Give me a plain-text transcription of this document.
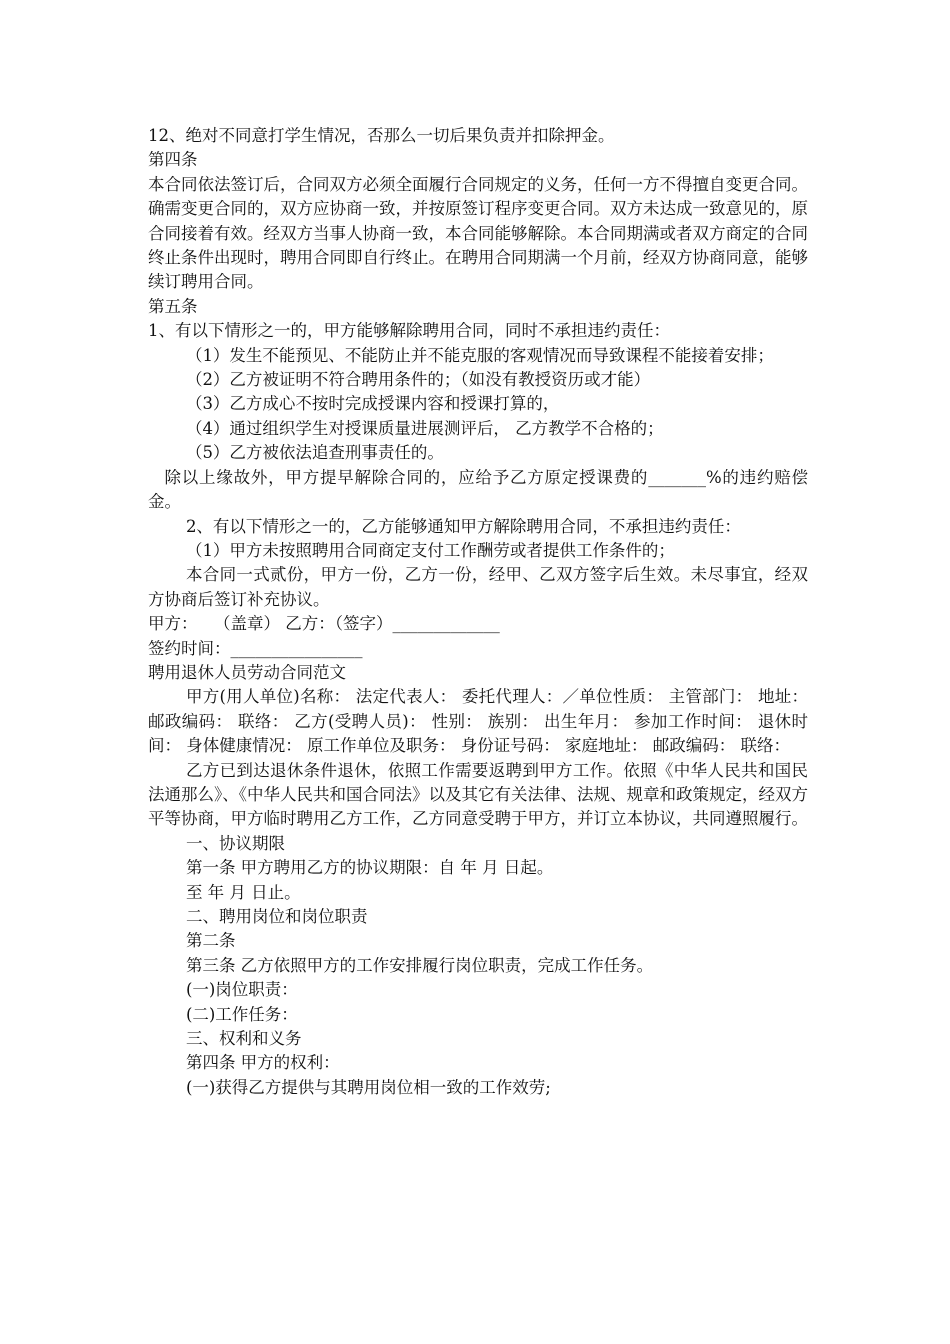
12、绝对不同意打学生情况，否那么一切后果负责并扣除押金。

第四条

本合同依法签订后，合同双方必须全面履行合同规定的义务，任何一方不得擅自变更合同。确需变更合同的，双方应协商一致，并按原签订程序变更合同。双方未达成一致意见的，原合同接着有效。经双方当事人协商一致，本合同能够解除。本合同期满或者双方商定的合同终止条件出现时，聘用合同即自行终止。在聘用合同期满一个月前，经双方协商同意，能够续订聘用合同。

第五条

1、有以下情形之一的，甲方能够解除聘用合同，同时不承担违约责任：

（1）发生不能预见、不能防止并不能克服的客观情况而导致课程不能接着安排；

（2）乙方被证明不符合聘用条件的；（如没有教授资历或才能）

（3）乙方成心不按时完成授课内容和授课打算的，

（4）通过组织学生对授课质量进展测评后， 乙方教学不合格的；

（5）乙方被依法追查刑事责任的。

除以上缘故外，甲方提早解除合同的，应给予乙方原定授课费的_______%的违约赔偿金。

2、有以下情形之一的，乙方能够通知甲方解除聘用合同，不承担违约责任：

（1）甲方未按照聘用合同商定支付工作酬劳或者提供工作条件的；

本合同一式贰份，甲方一份，乙方一份，经甲、乙双方签字后生效。未尽事宜，经双方协商后签订补充协议。

甲方：　　（盖章） 乙方：（签字）_____________

签约时间：________________

聘用退休人员劳动合同范文

甲方(用人单位)名称： 法定代表人： 委托代理人：／单位性质： 主管部门： 地址： 邮政编码： 联络： 乙方(受聘人员)： 性别： 族别： 出生年月： 参加工作时间： 退休时间： 身体健康情况： 原工作单位及职务： 身份证号码： 家庭地址： 邮政编码： 联络：

乙方已到达退休条件退休，依照工作需要返聘到甲方工作。依照《中华人民共和国民法通那么》、《中华人民共和国合同法》以及其它有关法律、法规、规章和政策规定，经双方平等协商，甲方临时聘用乙方工作，乙方同意受聘于甲方，并订立本协议，共同遵照履行。

一、协议期限

第一条 甲方聘用乙方的协议期限：自 年 月 日起。

至 年 月 日止。

二、聘用岗位和岗位职责

第二条

第三条 乙方依照甲方的工作安排履行岗位职责，完成工作任务。

(一)岗位职责：

(二)工作任务：

三、权利和义务

第四条 甲方的权利：

(一)获得乙方提供与其聘用岗位相一致的工作效劳;
